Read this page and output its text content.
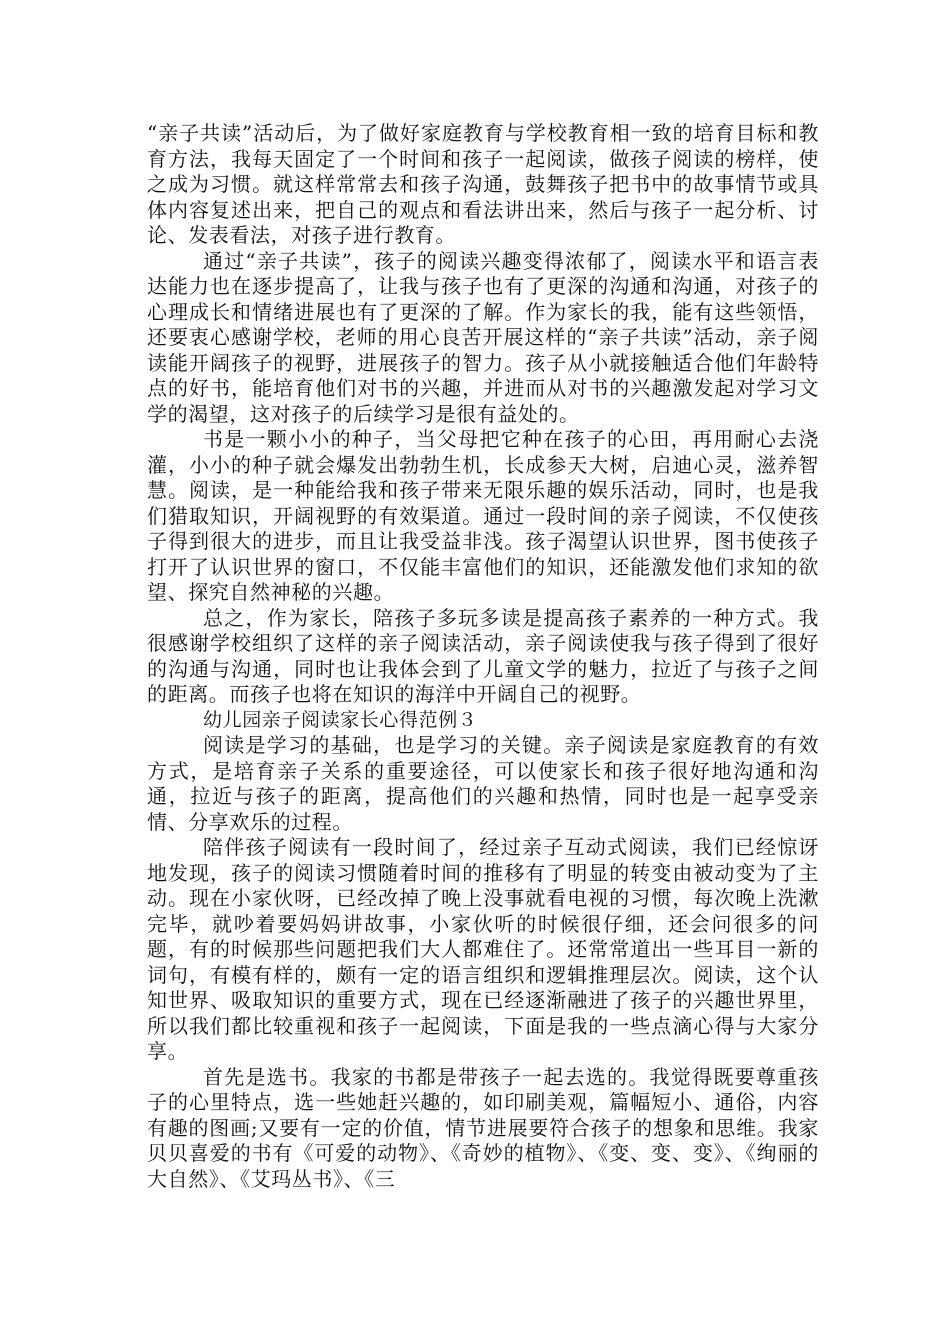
“亲子共读”活动后，为了做好家庭教育与学校教育相一致的培育目标和教育方法，我每天固定了一个时间和孩子一起阅读，做孩子阅读的榜样，使之成为习惯。就这样常常去和孩子沟通，鼓舞孩子把书中的故事情节或具体内容复述出来，把自己的观点和看法讲出来，然后与孩子一起分析、讨论、发表看法，对孩子进行教育。

通过“亲子共读”，孩子的阅读兴趣变得浓郁了，阅读水平和语言表达能力也在逐步提高了，让我与孩子也有了更深的沟通和沟通，对孩子的心理成长和情绪进展也有了更深的了解。作为家长的我，能有这些领悟，还要衷心感谢学校，老师的用心良苦开展这样的“亲子共读”活动，亲子阅读能开阔孩子的视野，进展孩子的智力。孩子从小就接触适合他们年龄特点的好书，能培育他们对书的兴趣，并进而从对书的兴趣激发起对学习文学的渴望，这对孩子的后续学习是很有益处的。

书是一颗小小的种子，当父母把它种在孩子的心田，再用耐心去浇灌，小小的种子就会爆发出勃勃生机，长成参天大树，启迪心灵，滋养智慧。阅读，是一种能给我和孩子带来无限乐趣的娱乐活动，同时，也是我们猎取知识，开阔视野的有效渠道。通过一段时间的亲子阅读，不仅使孩子得到很大的进步，而且让我受益非浅。孩子渴望认识世界，图书使孩子打开了认识世界的窗口，不仅能丰富他们的知识，还能激发他们求知的欲望、探究自然神秘的兴趣。

总之，作为家长，陪孩子多玩多读是提高孩子素养的一种方式。我很感谢学校组织了这样的亲子阅读活动，亲子阅读使我与孩子得到了很好的沟通与沟通，同时也让我体会到了儿童文学的魅力，拉近了与孩子之间的距离。而孩子也将在知识的海洋中开阔自己的视野。

幼儿园亲子阅读家长心得范例３

阅读是学习的基础，也是学习的关键。亲子阅读是家庭教育的有效方式，是培育亲子关系的重要途径，可以使家长和孩子很好地沟通和沟通，拉近与孩子的距离，提高他们的兴趣和热情，同时也是一起享受亲情、分享欢乐的过程。

陪伴孩子阅读有一段时间了，经过亲子互动式阅读，我们已经惊讶地发现，孩子的阅读习惯随着时间的推移有了明显的转变由被动变为了主动。现在小家伙呀，已经改掉了晚上没事就看电视的习惯，每次晚上洗漱完毕，就吵着要妈妈讲故事，小家伙听的时候很仔细，还会问很多的问题，有的时候那些问题把我们大人都难住了。还常常道出一些耳目一新的词句，有模有样的，颇有一定的语言组织和逻辑推理层次。阅读，这个认知世界、吸取知识的重要方式，现在已经逐渐融进了孩子的兴趣世界里，所以我们都比较重视和孩子一起阅读，下面是我的一些点滴心得与大家分享。

首先是选书。我家的书都是带孩子一起去选的。我觉得既要尊重孩子的心里特点，选一些她赶兴趣的，如印刷美观，篇幅短小、通俗，内容有趣的图画;又要有一定的价值，情节进展要符合孩子的想象和思维。我家贝贝喜爱的书有《可爱的动物》、《奇妙的植物》、《变、变、变》、《绚丽的大自然》、《艾玛丛书》、《三
